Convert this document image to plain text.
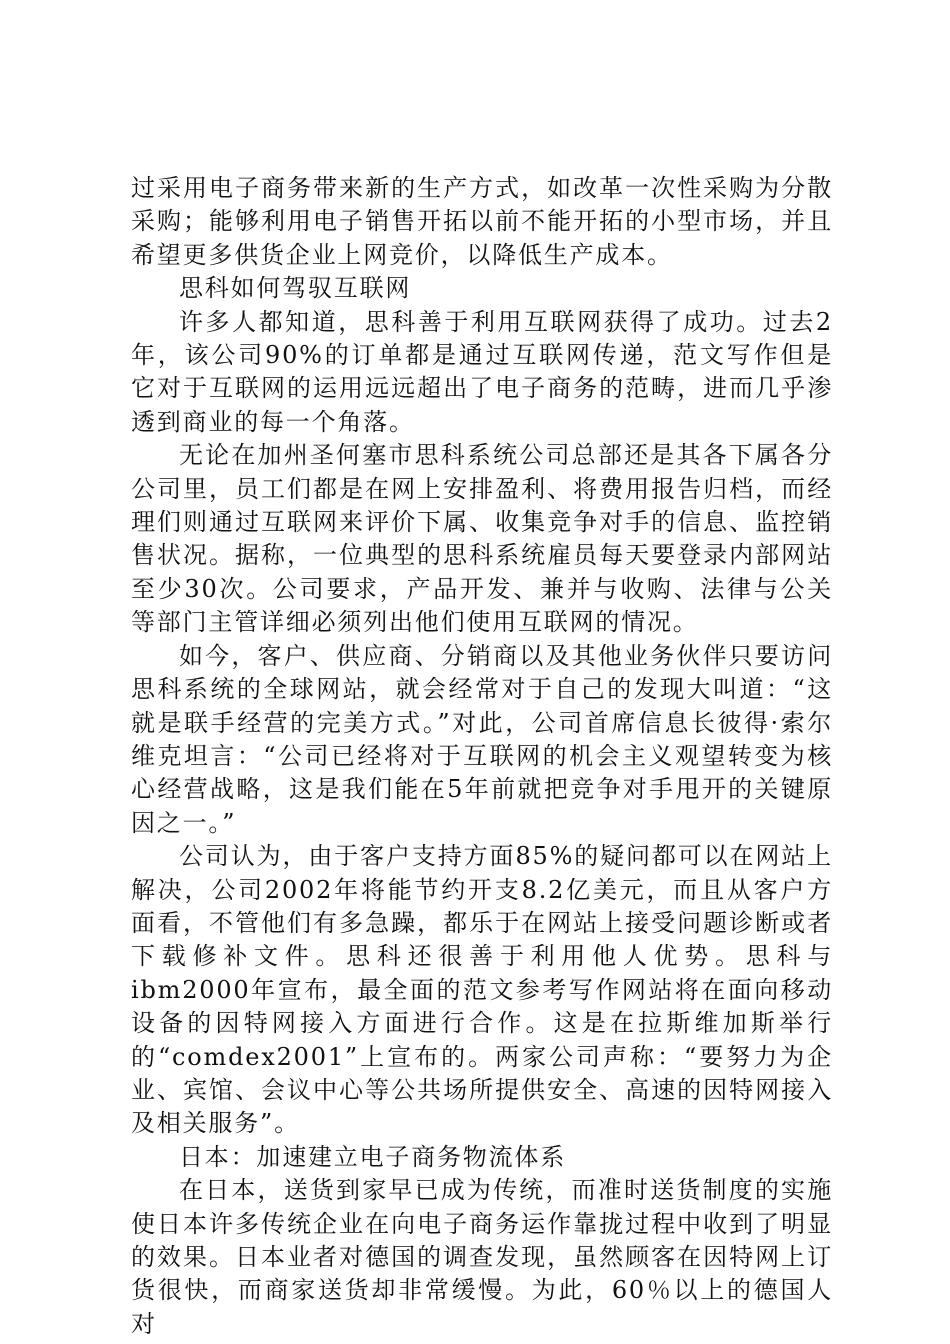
过采用电子商务带来新的生产方式，如改革一次性采购为分散采购；能够利用电子销售开拓以前不能开拓的小型市场，并且希望更多供货企业上网竞价，以降低生产成本。

思科如何驾驭互联网

许多人都知道，思科善于利用互联网获得了成功。过去2年，该公司90%的订单都是通过互联网传递，范文写作但是它对于互联网的运用远远超出了电子商务的范畴，进而几乎渗透到商业的每一个角落。

无论在加州圣何塞市思科系统公司总部还是其各下属各分公司里，员工们都是在网上安排盈利、将费用报告归档，而经理们则通过互联网来评价下属、收集竞争对手的信息、监控销售状况。据称，一位典型的思科系统雇员每天要登录内部网站至少30次。公司要求，产品开发、兼并与收购、法律与公关等部门主管详细必须列出他们使用互联网的情况。

如今，客户、供应商、分销商以及其他业务伙伴只要访问思科系统的全球网站，就会经常对于自己的发现大叫道：“这就是联手经营的完美方式。”对此，公司首席信息长彼得·索尔维克坦言：“公司已经将对于互联网的机会主义观望转变为核心经营战略，这是我们能在5年前就把竞争对手甩开的关键原因之一。”

公司认为，由于客户支持方面85%的疑问都可以在网站上解决，公司2002年将能节约开支8.2亿美元，而且从客户方面看，不管他们有多急躁，都乐于在网站上接受问题诊断或者下载修补文件。思科还很善于利用他人优势。思科与ibm2000年宣布，最全面的范文参考写作网站将在面向移动设备的因特网接入方面进行合作。这是在拉斯维加斯举行的“comdex2001”上宣布的。两家公司声称：“要努力为企业、宾馆、会议中心等公共场所提供安全、高速的因特网接入及相关服务”。

日本：加速建立电子商务物流体系

在日本，送货到家早已成为传统，而准时送货制度的实施使日本许多传统企业在向电子商务运作靠拢过程中收到了明显的效果。日本业者对德国的调查发现，虽然顾客在因特网上订货很快，而商家送货却非常缓慢。为此，60％以上的德国人对
